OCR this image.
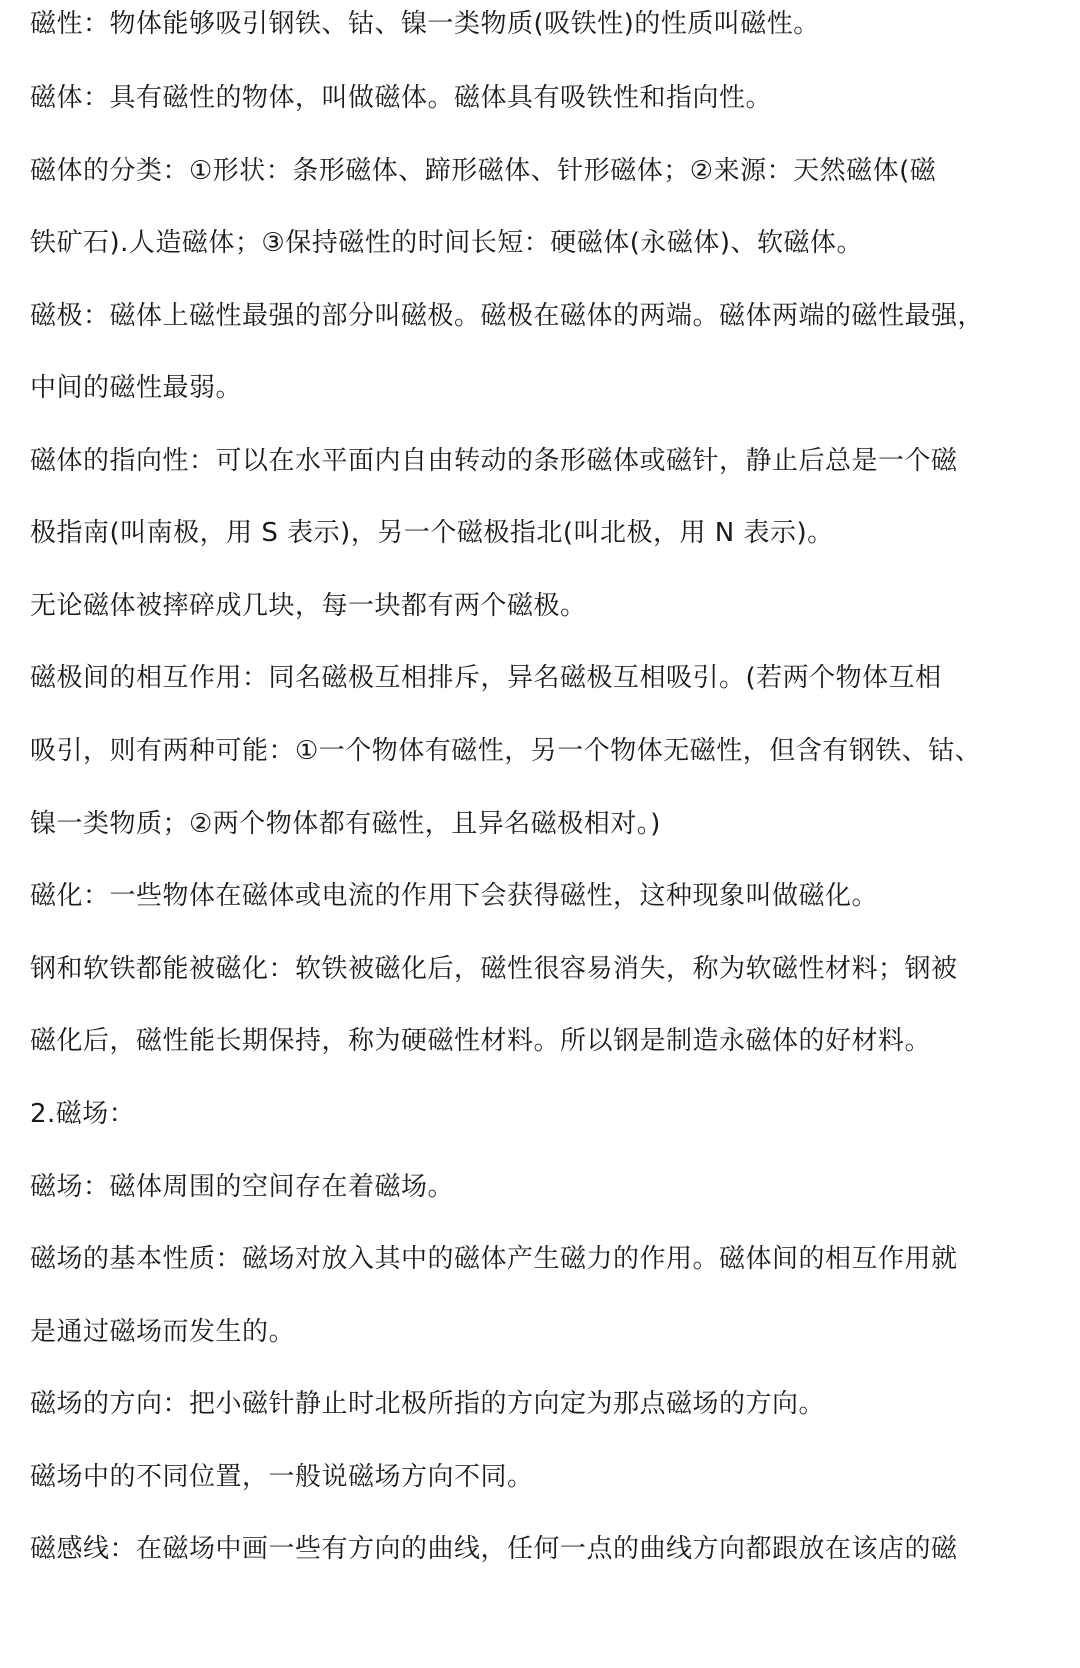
磁性：物体能够吸引钢铁、钴、镍一类物质(吸铁性)的性质叫磁性。
磁体：具有磁性的物体，叫做磁体。磁体具有吸铁性和指向性。
磁体的分类：①形状：条形磁体、蹄形磁体、针形磁体；②来源：天然磁体(磁
铁矿石).人造磁体；③保持磁性的时间长短：硬磁体(永磁体)、软磁体。
磁极：磁体上磁性最强的部分叫磁极。磁极在磁体的两端。磁体两端的磁性最强，
中间的磁性最弱。
磁体的指向性：可以在水平面内自由转动的条形磁体或磁针，静止后总是一个磁
极指南(叫南极，用 S 表示)，另一个磁极指北(叫北极，用 N 表示)。
无论磁体被摔碎成几块，每一块都有两个磁极。
磁极间的相互作用：同名磁极互相排斥，异名磁极互相吸引。(若两个物体互相
吸引，则有两种可能：①一个物体有磁性，另一个物体无磁性，但含有钢铁、钴、
镍一类物质；②两个物体都有磁性，且异名磁极相对。)
磁化：一些物体在磁体或电流的作用下会获得磁性，这种现象叫做磁化。
钢和软铁都能被磁化：软铁被磁化后，磁性很容易消失，称为软磁性材料；钢被
磁化后，磁性能长期保持，称为硬磁性材料。所以钢是制造永磁体的好材料。
2.磁场：
磁场：磁体周围的空间存在着磁场。
磁场的基本性质：磁场对放入其中的磁体产生磁力的作用。磁体间的相互作用就
是通过磁场而发生的。
磁场的方向：把小磁针静止时北极所指的方向定为那点磁场的方向。
磁场中的不同位置，一般说磁场方向不同。
磁感线：在磁场中画一些有方向的曲线，任何一点的曲线方向都跟放在该店的磁
